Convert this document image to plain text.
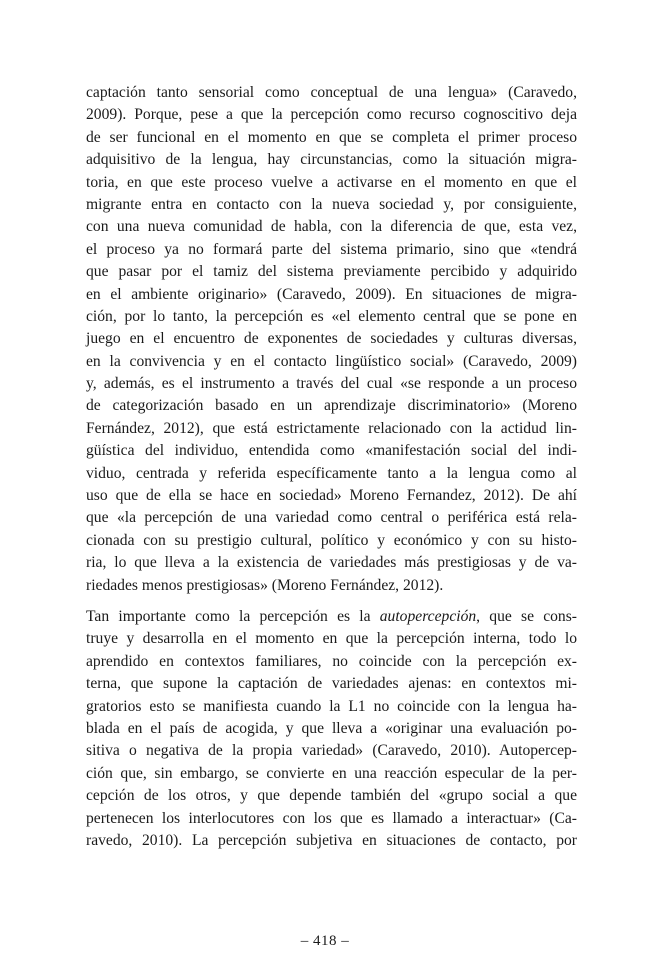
captación tanto sensorial como conceptual de una lengua» (Caravedo,
2009). Porque, pese a que la percepción como recurso cognoscitivo deja
de ser funcional en el momento en que se completa el primer proceso
adquisitivo de la lengua, hay circunstancias, como la situación migra-
toria, en que este proceso vuelve a activarse en el momento en que el
migrante entra en contacto con la nueva sociedad y, por consiguiente,
con una nueva comunidad de habla, con la diferencia de que, esta vez,
el proceso ya no formará parte del sistema primario, sino que «tendrá
que pasar por el tamiz del sistema previamente percibido y adquirido
en el ambiente originario» (Caravedo, 2009). En situaciones de migra-
ción, por lo tanto, la percepción es «el elemento central que se pone en
juego en el encuentro de exponentes de sociedades y culturas diversas,
en la convivencia y en el contacto lingüístico social» (Caravedo, 2009)
y, además, es el instrumento a través del cual «se responde a un proceso
de categorización basado en un aprendizaje discriminatorio» (Moreno
Fernández, 2012), que está estrictamente relacionado con la actidud lin-
güística del individuo, entendida como «manifestación social del indi-
viduo, centrada y referida específicamente tanto a la lengua como al
uso que de ella se hace en sociedad» Moreno Fernandez, 2012). De ahí
que «la percepción de una variedad como central o periférica está rela-
cionada con su prestigio cultural, político y económico y con su histo-
ria, lo que lleva a la existencia de variedades más prestigiosas y de va-
riedades menos prestigiosas» (Moreno Fernández, 2012).
Tan importante como la percepción es la autopercepción, que se cons-
truye y desarrolla en el momento en que la percepción interna, todo lo
aprendido en contextos familiares, no coincide con la percepción ex-
terna, que supone la captación de variedades ajenas: en contextos mi-
gratorios esto se manifiesta cuando la L1 no coincide con la lengua ha-
blada en el país de acogida, y que lleva a «originar una evaluación po-
sitiva o negativa de la propia variedad» (Caravedo, 2010). Autopercep-
ción que, sin embargo, se convierte en una reacción especular de la per-
cepción de los otros, y que depende también del «grupo social a que
pertenecen los interlocutores con los que es llamado a interactuar» (Ca-
ravedo, 2010). La percepción subjetiva en situaciones de contacto, por
– 418 –
